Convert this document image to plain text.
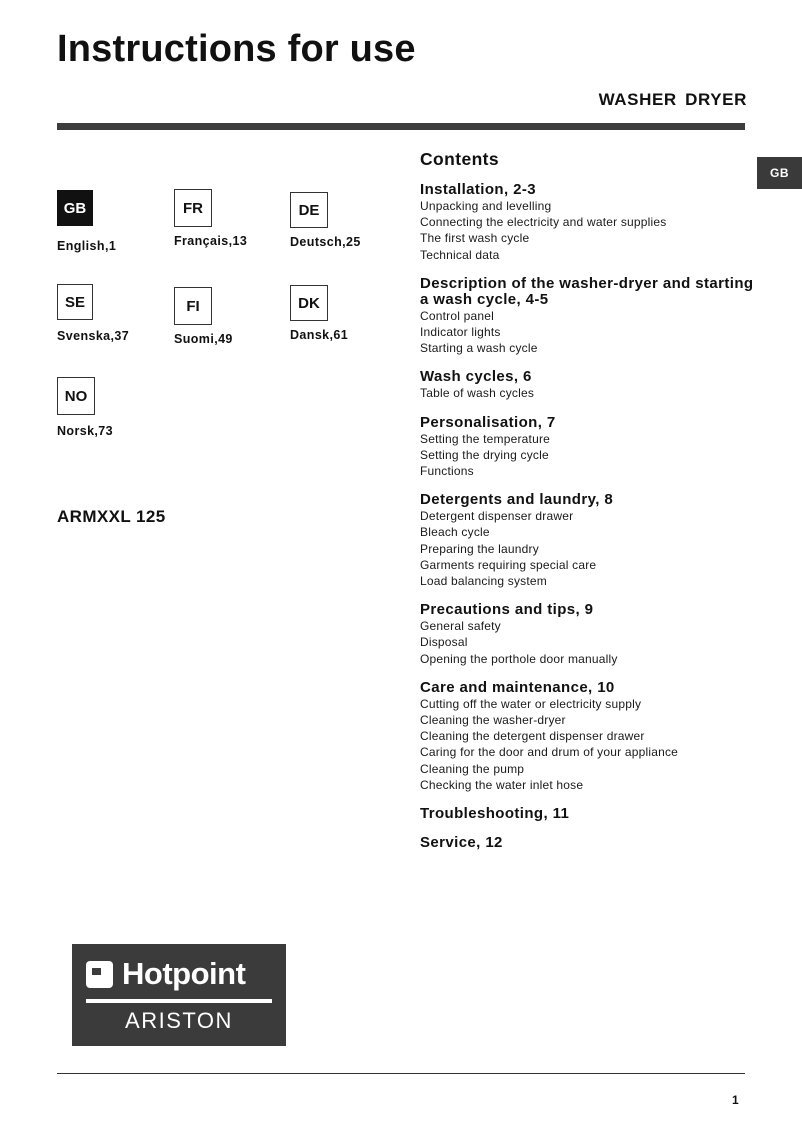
Instructions for use
WASHER DRYER
GB
GB
English,1
FR
Français,13
DE
Deutsch,25
SE
Svenska,37
FI
Suomi,49
DK
Dansk,61
NO
Norsk,73
ARMXXL 125
Contents
Installation, 2-3
Unpacking and levelling
Connecting the electricity and water supplies
The first wash cycle
Technical data
Description of the washer-dryer and starting a wash cycle, 4-5
Control panel
Indicator lights
Starting a wash cycle
Wash cycles, 6
Table of wash cycles
Personalisation, 7
Setting the temperature
Setting the drying cycle
Functions
Detergents and laundry, 8
Detergent dispenser drawer
Bleach cycle
Preparing the laundry
Garments requiring special care
Load balancing system
Precautions and tips, 9
General safety
Disposal
Opening the porthole door manually
Care and maintenance, 10
Cutting off the water or electricity supply
Cleaning the washer-dryer
Cleaning the detergent dispenser drawer
Caring for the door and drum of your appliance
Cleaning the pump
Checking the water inlet hose
Troubleshooting, 11
Service, 12
Hotpoint
ARISTON
1
